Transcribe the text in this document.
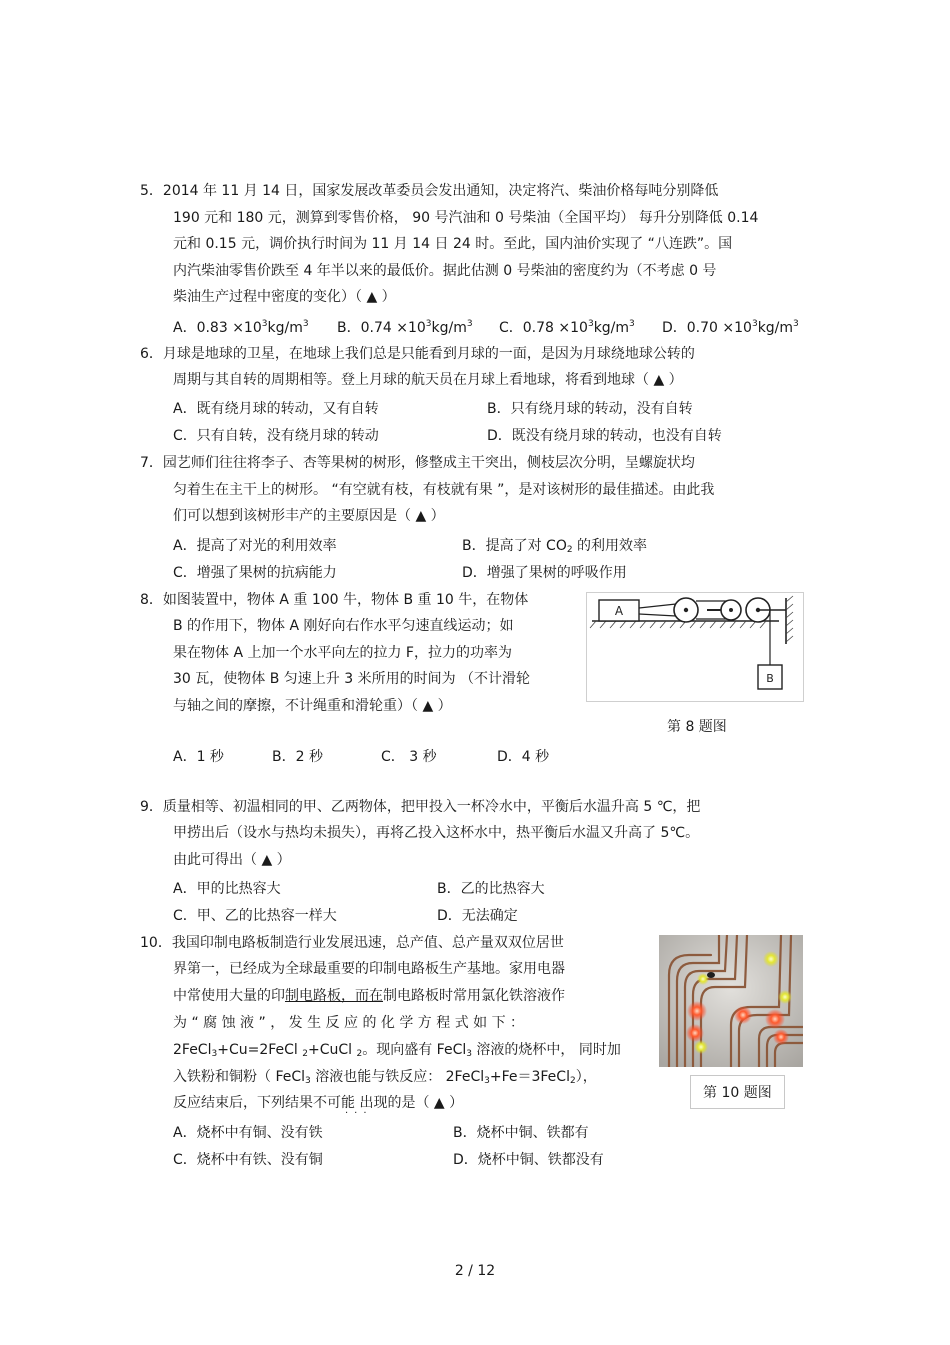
5．2014 年 11 月 14 日，国家发展改革委员会发出通知，决定将汽、柴油价格每吨分别降低
190 元和 180 元，测算到零售价格， 90 号汽油和 0 号柴油（全国平均） 每升分别降低 0.14
元和 0.15 元，调价执行时间为 11 月 14 日 24 时。至此，国内油价实现了 “八连跌”。国
内汽柴油零售价跌至 4 年半以来的最低价。据此估测 0 号柴油的密度约为（不考虑 0 号
柴油生产过程中密度的变化）（ ▲ ）
A．$0.83 \times 10^3kg/m^3$ B．$0.74 \times 10^3kg/m^3$ C．$0.78 \times 10^3kg/m^3$ D．$0.70 \times 10^3kg/m^3$
6．月球是地球的卫星，在地球上我们总是只能看到月球的一面，是因为月球绕地球公转的
周期与其自转的周期相等。登上月球的航天员在月球上看地球，将看到地球（ ▲ ）
A．既有绕月球的转动，又有自转	B．只有绕月球的转动，没有自转
C．只有自转，没有绕月球的转动	D．既没有绕月球的转动，也没有自转
7．园艺师们往往将李子、杏等果树的树形，修整成主干突出，侧枝层次分明，呈螺旋状均
匀着生在主干上的树形。 “有空就有枝，有枝就有果 ”，是对该树形的最佳描述。由此我
们可以想到该树形丰产的主要原因是（ ▲ ）
A．提高了对光的利用效率	B．提高了对 $CO_2$ 的利用效率
C．增强了果树的抗病能力	D．增强了果树的呼吸作用
8．如图装置中，物体 A 重 100 牛，物体 B 重 10 牛，在物体
B 的作用下，物体 A 刚好向右作水平匀速直线运动；如
果在物体 A 上加一个水平向左的拉力 F，拉力的功率为
30 瓦，使物体 B 匀速上升 3 米所用的时间为 （不计滑轮
与轴之间的摩擦，不计绳重和滑轮重）（ ▲ ）
A
B
第 8 题图
A．1 秒	B．2 秒	C． 3 秒	D．4 秒
9．质量相等、初温相同的甲、乙两物体，把甲投入一杯冷水中，平衡后水温升高 5 ℃，把
甲捞出后（设水与热均未损失），再将乙投入这杯水中，热平衡后水温又升高了 5℃。
由此可得出（ ▲ ）
A．甲的比热容大	B．乙的比热容大
C．甲、乙的比热容一样大	D．无法确定
10．我国印制电路板制造行业发展迅速，总产值、总产量双双位居世
界第一，已经成为全球最重要的印制电路板生产基地。家用电器
中常使用大量的印制电路板，而在制电路板时常用氯化铁溶液作
为 “ 腐 蚀 液 ” ， 发 生 反 应 的 化 学 方 程 式 如 下 ：
2FeCl$_3$+Cu=2FeCl $_2$+CuCl $_2$。现向盛有 FeCl$_3$ 溶液的烧杯中， 同时加
入铁粉和铜粉（ FeCl$_3$ 溶液也能与铁反应： 2FeCl$_3$+Fe＝3FeCl$_2$），
反应结束后，下列结果不可能 出现的是（ ▲ ）
···
第 10 题图
A．烧杯中有铜、没有铁	B．烧杯中铜、铁都有
C．烧杯中有铁、没有铜	D．烧杯中铜、铁都没有
2 / 12
